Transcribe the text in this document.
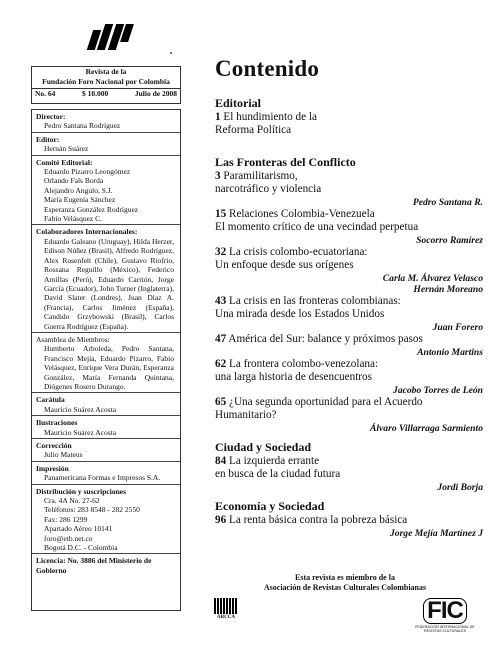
Revista de la
Fundación Foro Nacional por Colombia
No. 64	$ 10.000	Julio de 2008
Director:
Pedro Santana Rodríguez
Editor:
Hernán Suárez
Comité Editorial:
Eduardo Pizarro Leongómez
Orlando Fals Borda
Alejandro Angulo, S.J.
María Eugenia Sánchez
Esperanza González Rodríguez
Fabio Velásquez C.
Colaboradores Internacionales:
Eduardo Galeano (Uruguay), Hilda Herzer, Edison Núñez (Brasil), Alfredo Rodríguez, Alex Rosenfelt (Chile), Gustavo Riofrío, Rossana Reguillo (México), Federico Arnillas (Perú), Eduardo Carrión, Jorge García (Ecuador), John Turner (Inglaterra), David Slater (Londres), Juan Díaz A. (Francia), Carlos Jiménez (España), Candido Grzybowski (Brasil), Carlos Guerra Rodríguez (España).
Asamblea de Miembros:
Humberto Arboleda, Pedro Santana, Francisco Mejía, Eduardo Pizarro, Fabio Velásquez, Enrique Vera Durán, Esperanza González, María Fernanda Quintana, Diógenes Rosero Durango.
Carátula
Mauricio Suárez Acosta
Ilustraciones
Mauricio Suárez Acosta
Corrección
Julio Mateus
Impresión
Panamericana Formas e Impresos S.A.
Distribución y suscripciones
Cra. 4A No. 27-62
Teléfonos: 283 8548 - 282 2550
Fax: 286 1299
Apartado Aéreo 10141
foro@etb.net.co
Bogotá D.C. - Colombia
Licencia: No. 3886 del Ministerio de Gobierno
Contenido
Editorial
1 El hundimiento de la
Reforma Política
Las Fronteras del Conflicto
3 Paramilitarismo,
narcotráfico y violencia
Pedro Santana R.
15 Relaciones Colombia-Venezuela
El momento crítico de una vecindad perpetua
Socorro Ramírez
32 La crisis colombo-ecuatoriana:
Un enfoque desde sus orígenes
Carla M. Álvarez Velasco
Hernán Moreano
43 La crisis en las fronteras colombianas:
Una mirada desde los Estados Unidos
Juan Forero
47 América del Sur: balance y próximos pasos
Antonio Martins
62 La frontera colombo-venezolana:
una larga historia de desencuentros
Jacobo Torres de León
65 ¿Una segunda oportunidad para el Acuerdo
Humanitario?
Álvaro Villarraga Sarmiento
Ciudad y Sociedad
84 La izquierda errante
en busca de la ciudad futura
Jordi Borja
Economía y Sociedad
96 La renta básica contra la pobreza básica
Jorge Mejía Martínez J
Esta revista es miembro de la
Asociación de Revistas Culturales Colombianas
ARCCA	FIC
FEDERACIÓN INTERNACIONAL DE REVISTAS CULTURALES
